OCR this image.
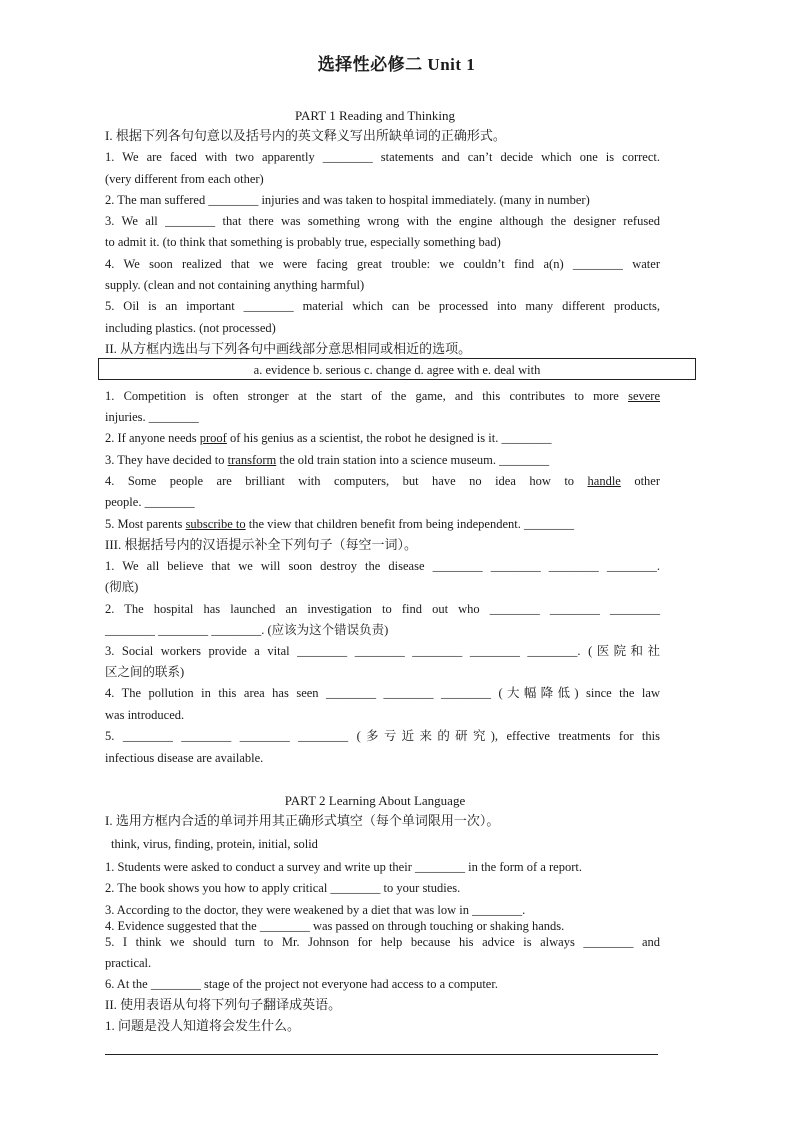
选择性必修二 Unit 1
PART 1 Reading and Thinking
I. 根据下列各句句意以及括号内的英文释义写出所缺单词的正确形式。
1. We are faced with two apparently ________ statements and can’t decide which one is correct.
(very different from each other)
2. The man suffered ________ injuries and was taken to hospital immediately. (many in number)
3. We all ________ that there was something wrong with the engine although the designer refused
to admit it. (to think that something is probably true, especially something bad)
4. We soon realized that we were facing great trouble: we couldn’t find a(n) ________ water
supply. (clean and not containing anything harmful)
5. Oil is an important ________ material which can be processed into many different products,
including plastics. (not processed)
II. 从方框内选出与下列各句中画线部分意思相同或相近的选项。
a. evidence b. serious c. change d. agree with e. deal with
1. Competition is often stronger at the start of the game, and this contributes to more severe
injuries. ________
2. If anyone needs proof of his genius as a scientist, the robot he designed is it. ________
3. They have decided to transform the old train station into a science museum. ________
4. Some people are brilliant with computers, but have no idea how to handle other
people. ________
5. Most parents subscribe to the view that children benefit from being independent. ________
III. 根据括号内的汉语提示补全下列句子（每空一词）。
1. We all believe that we will soon destroy the disease ________ ________ ________ ________.
(彻底)
2. The hospital has launched an investigation to find out who ________ ________ ________
________ ________ ________. (应该为这个错误负责)
3. Social workers provide a vital ________ ________ ________ ________ ________. (医院和社
区之间的联系)
4. The pollution in this area has seen ________ ________ ________ (大幅降低) since the law
was introduced.
5. ________ ________ ________ ________ (多亏近来的研究), effective treatments for this
infectious disease are available.
PART 2 Learning About Language
I. 选用方框内合适的单词并用其正确形式填空（每个单词限用一次）。
think, virus, finding, protein, initial, solid
1. Students were asked to conduct a survey and write up their ________ in the form of a report.
2. The book shows you how to apply critical ________ to your studies.
3. According to the doctor, they were weakened by a diet that was low in ________.
4. Evidence suggested that the ________ was passed on through touching or shaking hands.
5. I think we should turn to Mr. Johnson for help because his advice is always ________ and
practical.
6. At the ________ stage of the project not everyone had access to a computer.
II. 使用表语从句将下列句子翻译成英语。
1. 问题是没人知道将会发生什么。
